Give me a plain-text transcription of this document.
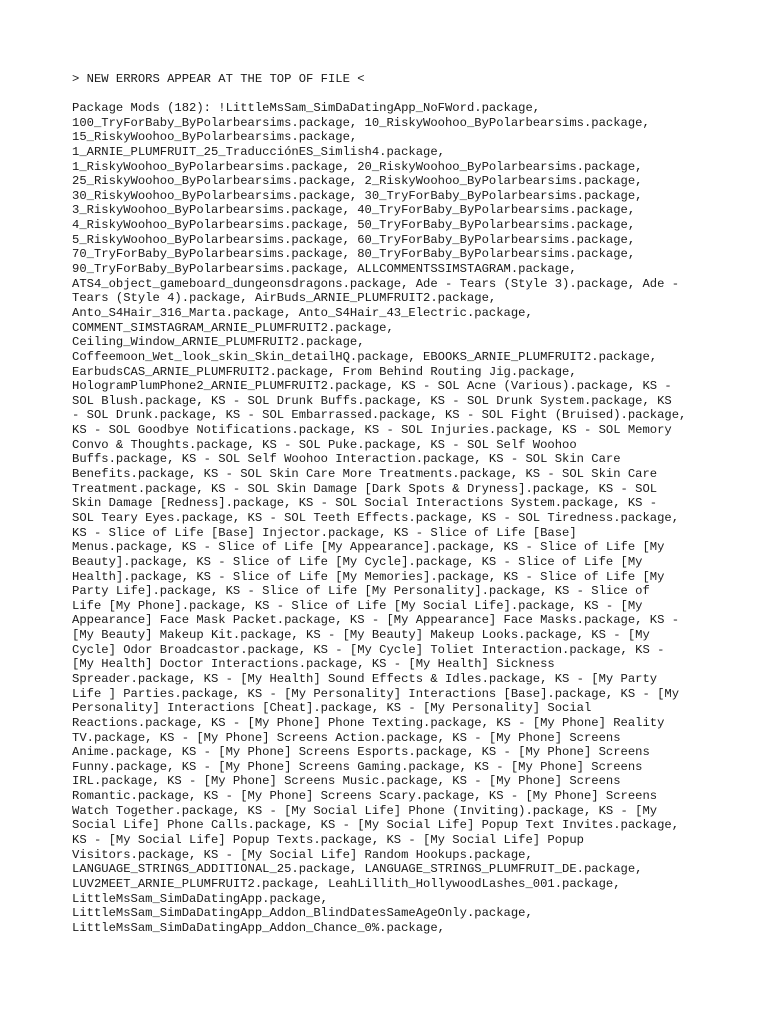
> NEW ERRORS APPEAR AT THE TOP OF FILE <
Package Mods (182): !LittleMsSam_SimDaDatingApp_NoFWord.package,
100_TryForBaby_ByPolarbearsims.package, 10_RiskyWoohoo_ByPolarbearsims.package,
15_RiskyWoohoo_ByPolarbearsims.package,
1_ARNIE_PLUMFRUIT_25_TraducciónES_Simlish4.package,
1_RiskyWoohoo_ByPolarbearsims.package, 20_RiskyWoohoo_ByPolarbearsims.package,
25_RiskyWoohoo_ByPolarbearsims.package, 2_RiskyWoohoo_ByPolarbearsims.package,
30_RiskyWoohoo_ByPolarbearsims.package, 30_TryForBaby_ByPolarbearsims.package,
3_RiskyWoohoo_ByPolarbearsims.package, 40_TryForBaby_ByPolarbearsims.package,
4_RiskyWoohoo_ByPolarbearsims.package, 50_TryForBaby_ByPolarbearsims.package,
5_RiskyWoohoo_ByPolarbearsims.package, 60_TryForBaby_ByPolarbearsims.package,
70_TryForBaby_ByPolarbearsims.package, 80_TryForBaby_ByPolarbearsims.package,
90_TryForBaby_ByPolarbearsims.package, ALLCOMMENTSSIMSTAGRAM.package,
ATS4_object_gameboard_dungeonsdragons.package, Ade - Tears (Style 3).package, Ade -
Tears (Style 4).package, AirBuds_ARNIE_PLUMFRUIT2.package,
Anto_S4Hair_316_Marta.package, Anto_S4Hair_43_Electric.package,
COMMENT_SIMSTAGRAM_ARNIE_PLUMFRUIT2.package,
Ceiling_Window_ARNIE_PLUMFRUIT2.package,
Coffeemoon_Wet_look_skin_Skin_detailHQ.package, EBOOKS_ARNIE_PLUMFRUIT2.package,
EarbudsCAS_ARNIE_PLUMFRUIT2.package, From Behind Routing Jig.package,
HologramPlumPhone2_ARNIE_PLUMFRUIT2.package, KS - SOL Acne (Various).package, KS -
SOL Blush.package, KS - SOL Drunk Buffs.package, KS - SOL Drunk System.package, KS
- SOL Drunk.package, KS - SOL Embarrassed.package, KS - SOL Fight (Bruised).package,
KS - SOL Goodbye Notifications.package, KS - SOL Injuries.package, KS - SOL Memory
Convo & Thoughts.package, KS - SOL Puke.package, KS - SOL Self Woohoo
Buffs.package, KS - SOL Self Woohoo Interaction.package, KS - SOL Skin Care
Benefits.package, KS - SOL Skin Care More Treatments.package, KS - SOL Skin Care
Treatment.package, KS - SOL Skin Damage [Dark Spots & Dryness].package, KS - SOL
Skin Damage [Redness].package, KS - SOL Social Interactions System.package, KS -
SOL Teary Eyes.package, KS - SOL Teeth Effects.package, KS - SOL Tiredness.package,
KS - Slice of Life [Base] Injector.package, KS - Slice of Life [Base]
Menus.package, KS - Slice of Life [My Appearance].package, KS - Slice of Life [My
Beauty].package, KS - Slice of Life [My Cycle].package, KS - Slice of Life [My
Health].package, KS - Slice of Life [My Memories].package, KS - Slice of Life [My
Party Life].package, KS - Slice of Life [My Personality].package, KS - Slice of
Life [My Phone].package, KS - Slice of Life [My Social Life].package, KS - [My
Appearance] Face Mask Packet.package, KS - [My Appearance] Face Masks.package, KS -
[My Beauty] Makeup Kit.package, KS - [My Beauty] Makeup Looks.package, KS - [My
Cycle] Odor Broadcastor.package, KS - [My Cycle] Toliet Interaction.package, KS -
[My Health] Doctor Interactions.package, KS - [My Health] Sickness
Spreader.package, KS - [My Health] Sound Effects & Idles.package, KS - [My Party
Life ] Parties.package, KS - [My Personality] Interactions [Base].package, KS - [My
Personality] Interactions [Cheat].package, KS - [My Personality] Social
Reactions.package, KS - [My Phone] Phone Texting.package, KS - [My Phone] Reality
TV.package, KS - [My Phone] Screens Action.package, KS - [My Phone] Screens
Anime.package, KS - [My Phone] Screens Esports.package, KS - [My Phone] Screens
Funny.package, KS - [My Phone] Screens Gaming.package, KS - [My Phone] Screens
IRL.package, KS - [My Phone] Screens Music.package, KS - [My Phone] Screens
Romantic.package, KS - [My Phone] Screens Scary.package, KS - [My Phone] Screens
Watch Together.package, KS - [My Social Life] Phone (Inviting).package, KS - [My
Social Life] Phone Calls.package, KS - [My Social Life] Popup Text Invites.package,
KS - [My Social Life] Popup Texts.package, KS - [My Social Life] Popup
Visitors.package, KS - [My Social Life] Random Hookups.package,
LANGUAGE_STRINGS_ADDITIONAL_25.package, LANGUAGE_STRINGS_PLUMFRUIT_DE.package,
LUV2MEET_ARNIE_PLUMFRUIT2.package, LeahLillith_HollywoodLashes_001.package,
LittleMsSam_SimDaDatingApp.package,
LittleMsSam_SimDaDatingApp_Addon_BlindDatesSameAgeOnly.package,
LittleMsSam_SimDaDatingApp_Addon_Chance_0%.package,
